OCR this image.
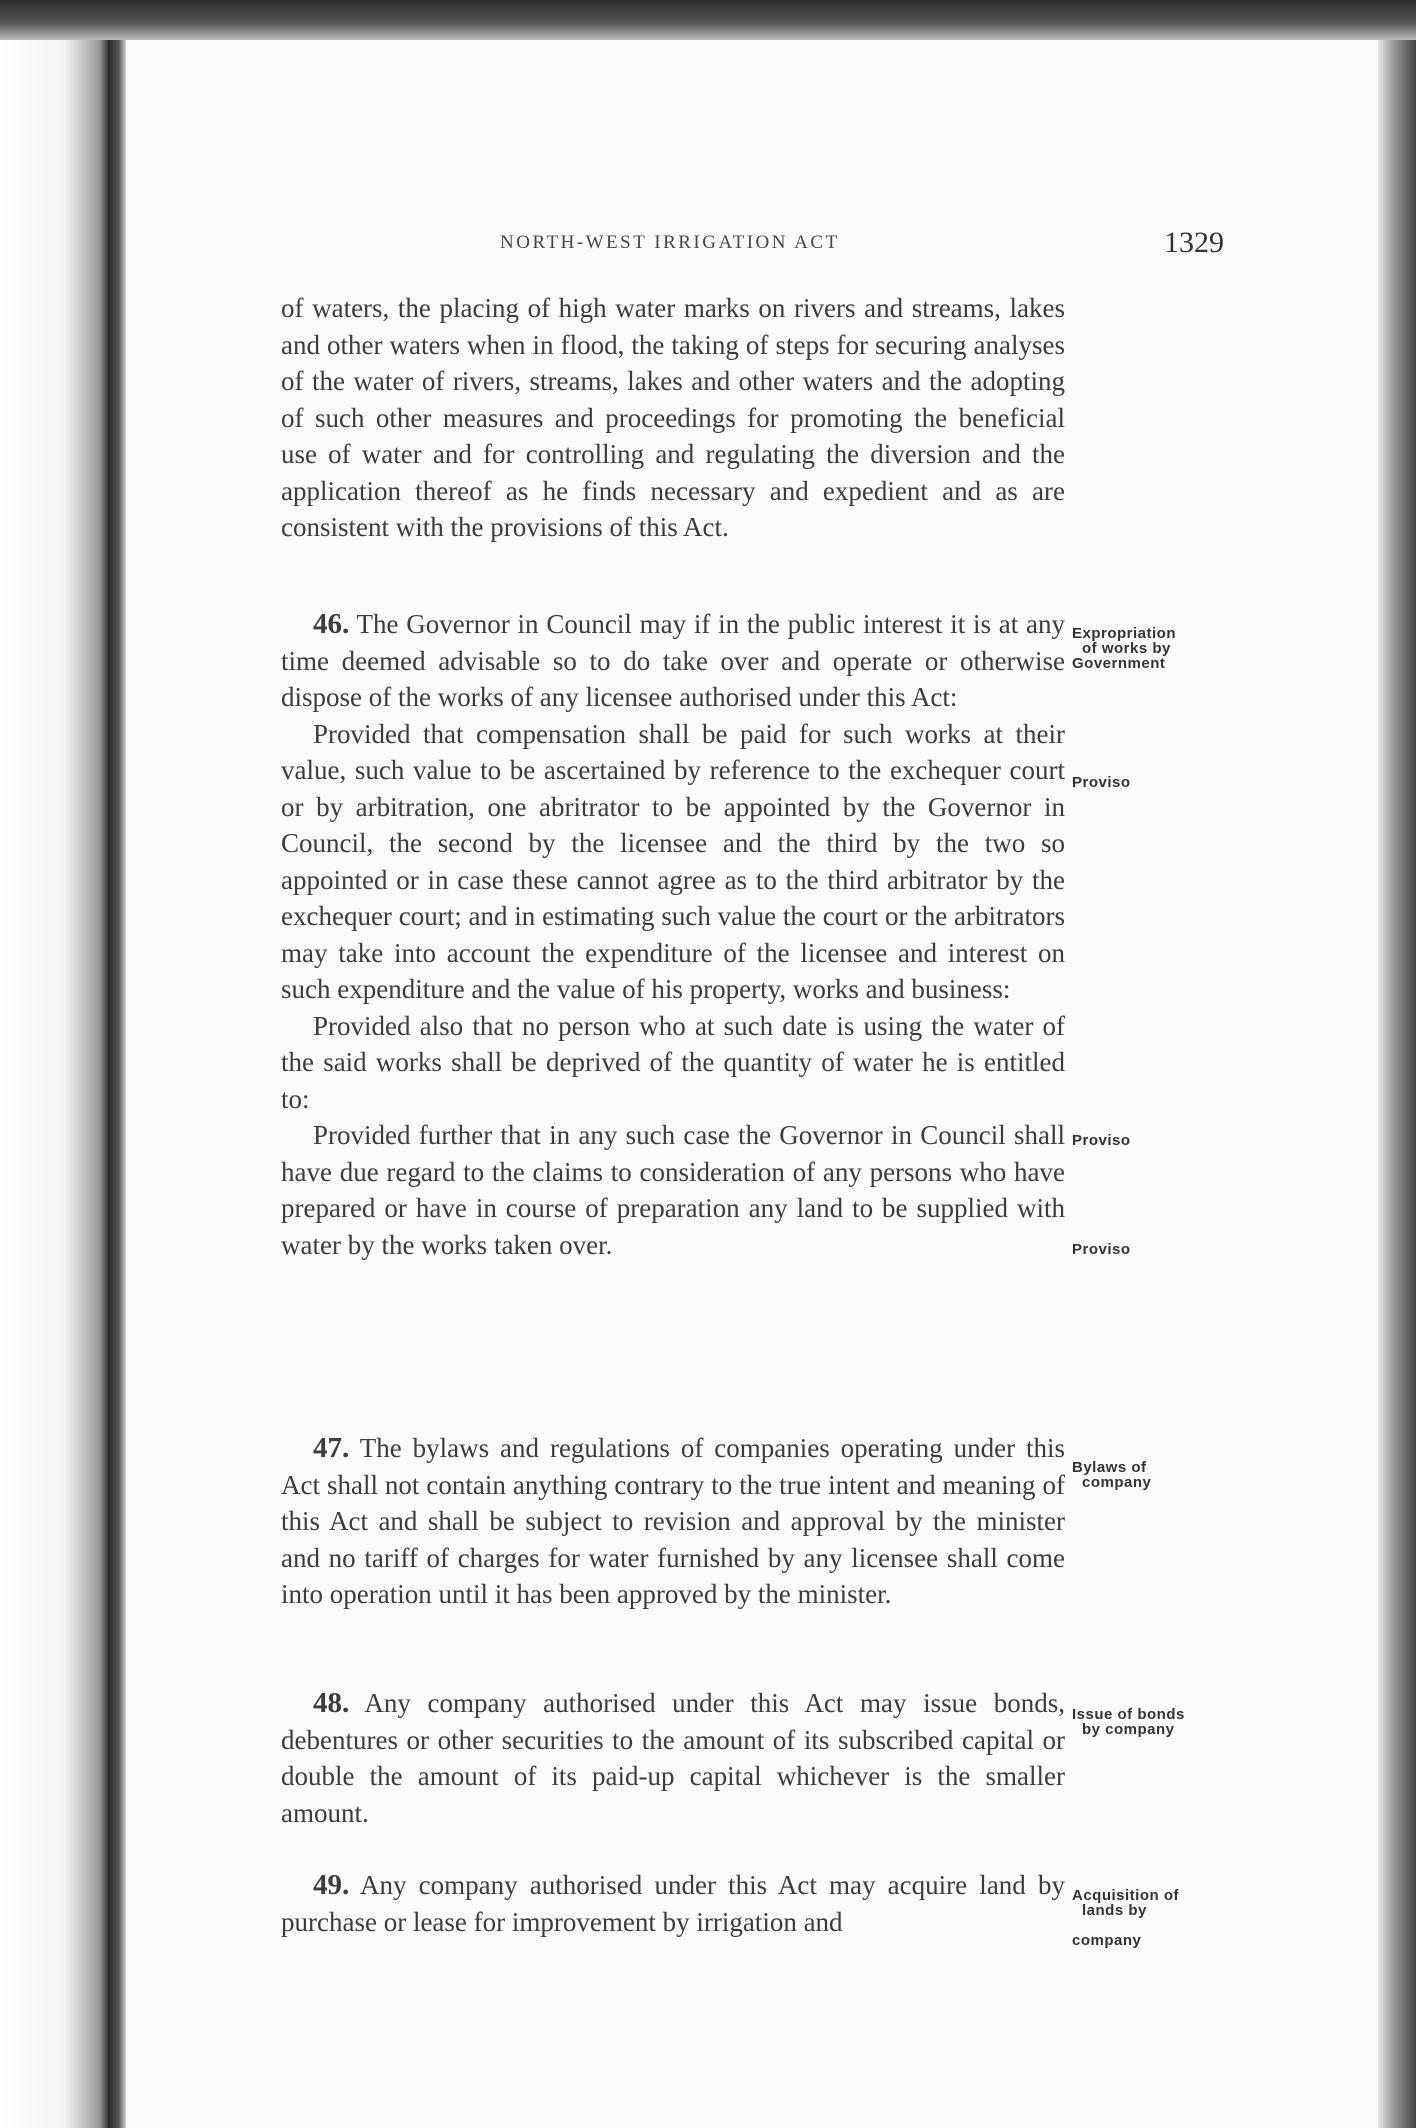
NORTH-WEST IRRIGATION ACT	1329

of waters, the placing of high water marks on rivers and streams, lakes and other waters when in flood, the taking of steps for securing analyses of the water of rivers, streams, lakes and other waters and the adopting of such other measures and proceedings for promoting the beneficial use of water and for controlling and regulating the diversion and the application thereof as he finds necessary and expedient and as are consistent with the provisions of this Act.

46. The Governor in Council may if in the public interest it is at any time deemed advisable so to do take over and operate or otherwise dispose of the works of any licensee authorised under this Act:

Provided that compensation shall be paid for such works at their value, such value to be ascertained by reference to the exchequer court or by arbitration, one abritrator to be appointed by the Governor in Council, the second by the licensee and the third by the two so appointed or in case these cannot agree as to the third arbitrator by the exchequer court; and in estimating such value the court or the arbitrators may take into account the expenditure of the licensee and interest on such expenditure and the value of his property, works and business:

Provided also that no person who at such date is using the water of the said works shall be deprived of the quantity of water he is entitled to:

Provided further that in any such case the Governor in Council shall have due regard to the claims to consideration of any persons who have prepared or have in course of preparation any land to be supplied with water by the works taken over.

47. The bylaws and regulations of companies operating under this Act shall not contain anything contrary to the true intent and meaning of this Act and shall be subject to revision and approval by the minister and no tariff of charges for water furnished by any licensee shall come into operation until it has been approved by the minister.

48. Any company authorised under this Act may issue bonds, debentures or other securities to the amount of its subscribed capital or double the amount of its paid-up capital whichever is the smaller amount.

49. Any company authorised under this Act may acquire land by purchase or lease for improvement by irrigation and

Expropriation

of works by
Government
Proviso
Proviso
Proviso
Bylaws of

company
Issue of bonds

by company
Acquisition of

lands by

company
